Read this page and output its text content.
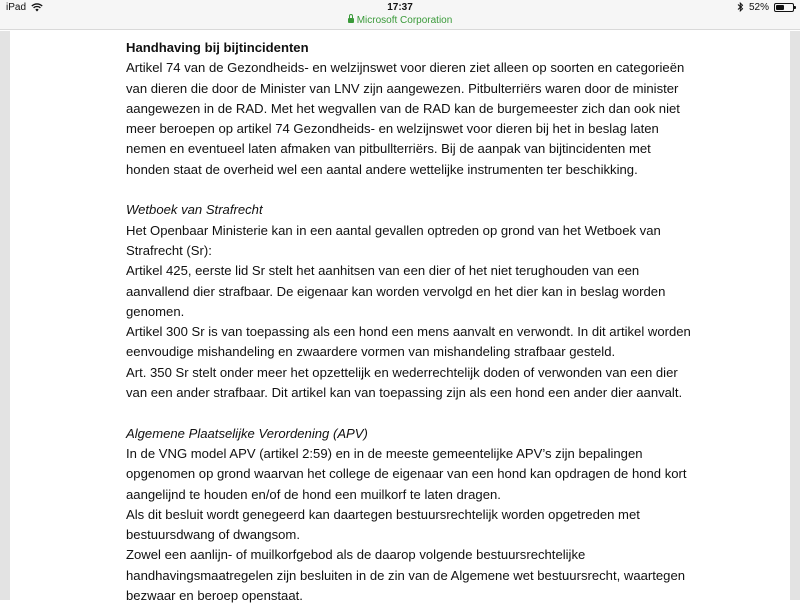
iPad	17:37	52%
Microsoft Corporation

Handhaving bij bijtincidenten

Artikel 74 van de Gezondheids- en welzijnswet voor dieren ziet alleen op soorten en categorieën

van dieren die door de Minister van LNV zijn aangewezen. Pitbulterriërs waren door de minister

aangewezen in de RAD. Met het wegvallen van de RAD kan de burgemeester zich dan ook niet

meer beroepen op artikel 74 Gezondheids- en welzijnswet voor dieren bij het in beslag laten

nemen en eventueel laten afmaken van pitbullterriërs. Bij de aanpak van bijtincidenten met

honden staat de overheid wel een aantal andere wettelijke instrumenten ter beschikking.

Wetboek van Strafrecht

Het Openbaar Ministerie kan in een aantal gevallen optreden op grond van het Wetboek van

Strafrecht (Sr):

Artikel 425, eerste lid Sr stelt het aanhitsen van een dier of het niet terughouden van een

aanvallend dier strafbaar. De eigenaar kan worden vervolgd en het dier kan in beslag worden

genomen.

Artikel 300 Sr is van toepassing als een hond een mens aanvalt en verwondt. In dit artikel worden

eenvoudige mishandeling en zwaardere vormen van mishandeling strafbaar gesteld.

Art. 350 Sr stelt onder meer het opzettelijk en wederrechtelijk doden of verwonden van een dier

van een ander strafbaar. Dit artikel kan van toepassing zijn als een hond een ander dier aanvalt.

Algemene Plaatselijke Verordening (APV)

In de VNG model APV (artikel 2:59) en in de meeste gemeentelijke APV’s zijn bepalingen

opgenomen op grond waarvan het college de eigenaar van een hond kan opdragen de hond kort

aangelijnd te houden en/of de hond een muilkorf te laten dragen.

Als dit besluit wordt genegeerd kan daartegen bestuursrechtelijk worden opgetreden met

bestuursdwang of dwangsom.

Zowel een aanlijn- of muilkorfgebod als de daarop volgende bestuursrechtelijke

handhavingsmaatregelen zijn besluiten in de zin van de Algemene wet bestuursrecht, waartegen

bezwaar en beroep openstaat.
